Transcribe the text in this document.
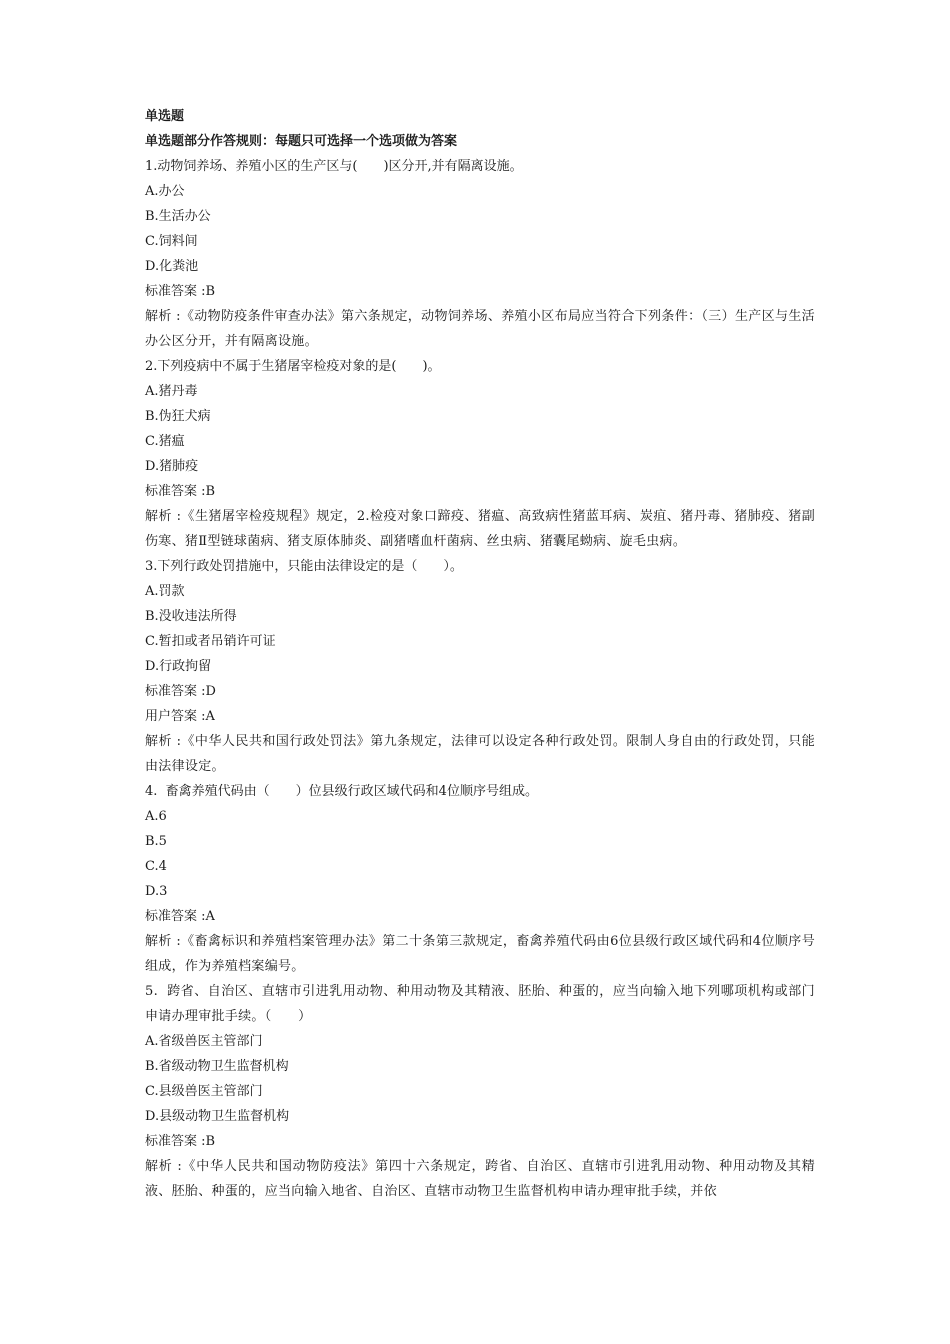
单选题
单选题部分作答规则：每题只可选择一个选项做为答案
1.动物饲养场、养殖小区的生产区与(　　)区分开,并有隔离设施。
A.办公
B.生活办公
C.饲料间
D.化粪池
标准答案 :B
解析 :《动物防疫条件审查办法》第六条规定，动物饲养场、养殖小区布局应当符合下列条件：（三）生产区与生活办公区分开，并有隔离设施。
2.下列疫病中不属于生猪屠宰检疫对象的是(　　)。
A.猪丹毒
B.伪狂犬病
C.猪瘟
D.猪肺疫
标准答案 :B
解析 :《生猪屠宰检疫规程》规定，2.检疫对象口蹄疫、猪瘟、高致病性猪蓝耳病、炭疽、猪丹毒、猪肺疫、猪副伤寒、猪Ⅱ型链球菌病、猪支原体肺炎、副猪嗜血杆菌病、丝虫病、猪囊尾蚴病、旋毛虫病。
3.下列行政处罚措施中，只能由法律设定的是（　　）。
A.罚款
B.没收违法所得
C.暂扣或者吊销许可证
D.行政拘留
标准答案 :D
用户答案 :A
解析 :《中华人民共和国行政处罚法》第九条规定，法律可以设定各种行政处罚。限制人身自由的行政处罚，只能由法律设定。
4.  畜禽养殖代码由（　　）位县级行政区域代码和4位顺序号组成。
A.6
B.5
C.4
D.3
标准答案 :A
解析 :《畜禽标识和养殖档案管理办法》第二十条第三款规定，畜禽养殖代码由6位县级行政区域代码和4位顺序号组成，作为养殖档案编号。
5.  跨省、自治区、直辖市引进乳用动物、种用动物及其精液、胚胎、种蛋的，应当向输入地下列哪项机构或部门申请办理审批手续。（　　）
A.省级兽医主管部门
B.省级动物卫生监督机构
C.县级兽医主管部门
D.县级动物卫生监督机构
标准答案 :B
解析 :《中华人民共和国动物防疫法》第四十六条规定，跨省、自治区、直辖市引进乳用动物、种用动物及其精液、胚胎、种蛋的，应当向输入地省、自治区、直辖市动物卫生监督机构申请办理审批手续，并依
